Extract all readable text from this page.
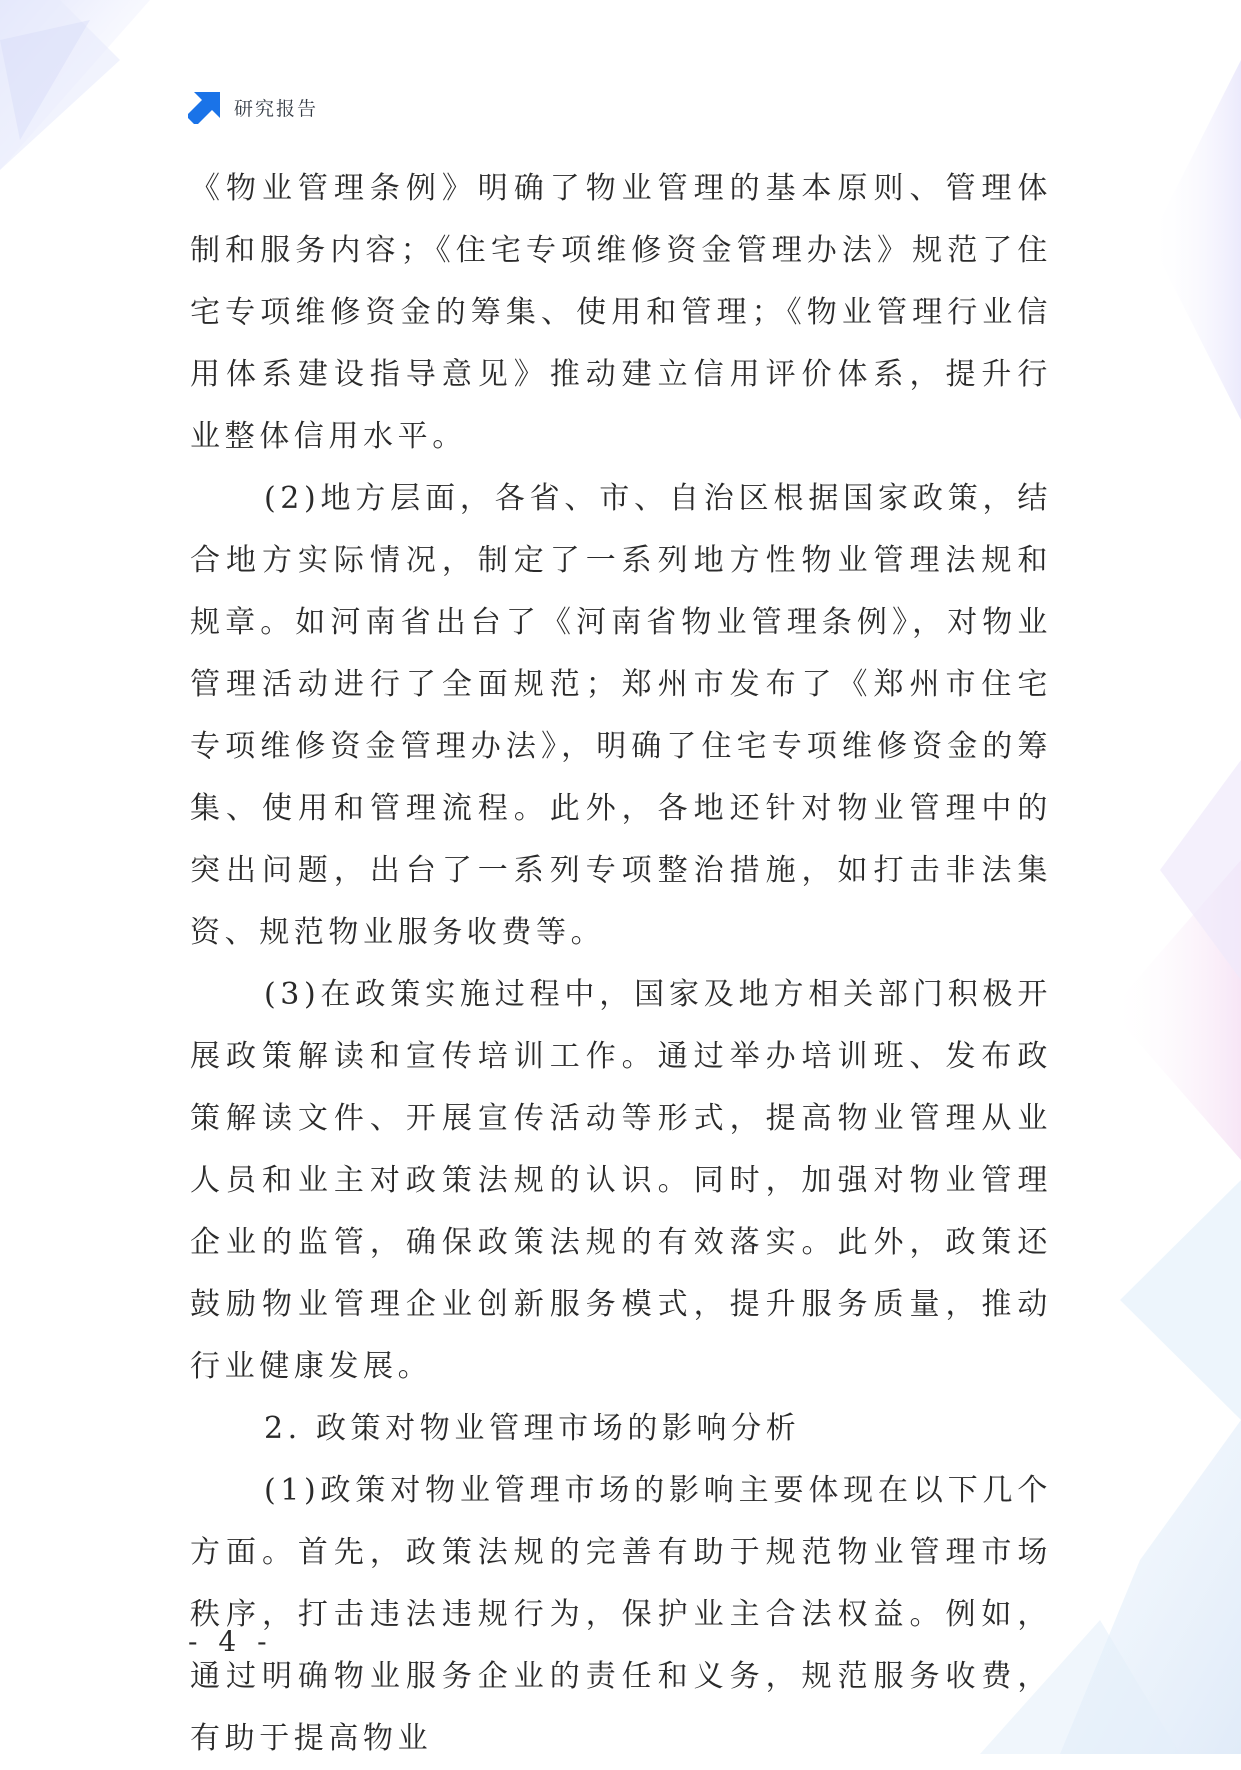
研究报告

《物业管理条例》明确了物业管理的基本原则、管理体制和服务内容；《住宅专项维修资金管理办法》规范了住宅专项维修资金的筹集、使用和管理；《物业管理行业信用体系建设指导意见》推动建立信用评价体系，提升行业整体信用水平。

(2)地方层面，各省、市、自治区根据国家政策，结合地方实际情况，制定了一系列地方性物业管理法规和规章。如河南省出台了《河南省物业管理条例》，对物业管理活动进行了全面规范；郑州市发布了《郑州市住宅专项维修资金管理办法》，明确了住宅专项维修资金的筹集、使用和管理流程。此外，各地还针对物业管理中的突出问题，出台了一系列专项整治措施，如打击非法集资、规范物业服务收费等。

(3)在政策实施过程中，国家及地方相关部门积极开展政策解读和宣传培训工作。通过举办培训班、发布政策解读文件、开展宣传活动等形式，提高物业管理从业人员和业主对政策法规的认识。同时，加强对物业管理企业的监管，确保政策法规的有效落实。此外，政策还鼓励物业管理企业创新服务模式，提升服务质量，推动行业健康发展。

2. 政策对物业管理市场的影响分析

(1)政策对物业管理市场的影响主要体现在以下几个方面。首先，政策法规的完善有助于规范物业管理市场秩序，打击违法违规行为，保护业主合法权益。例如，通过明确物业服务企业的责任和义务，规范服务收费，有助于提高物业

- 4 -
